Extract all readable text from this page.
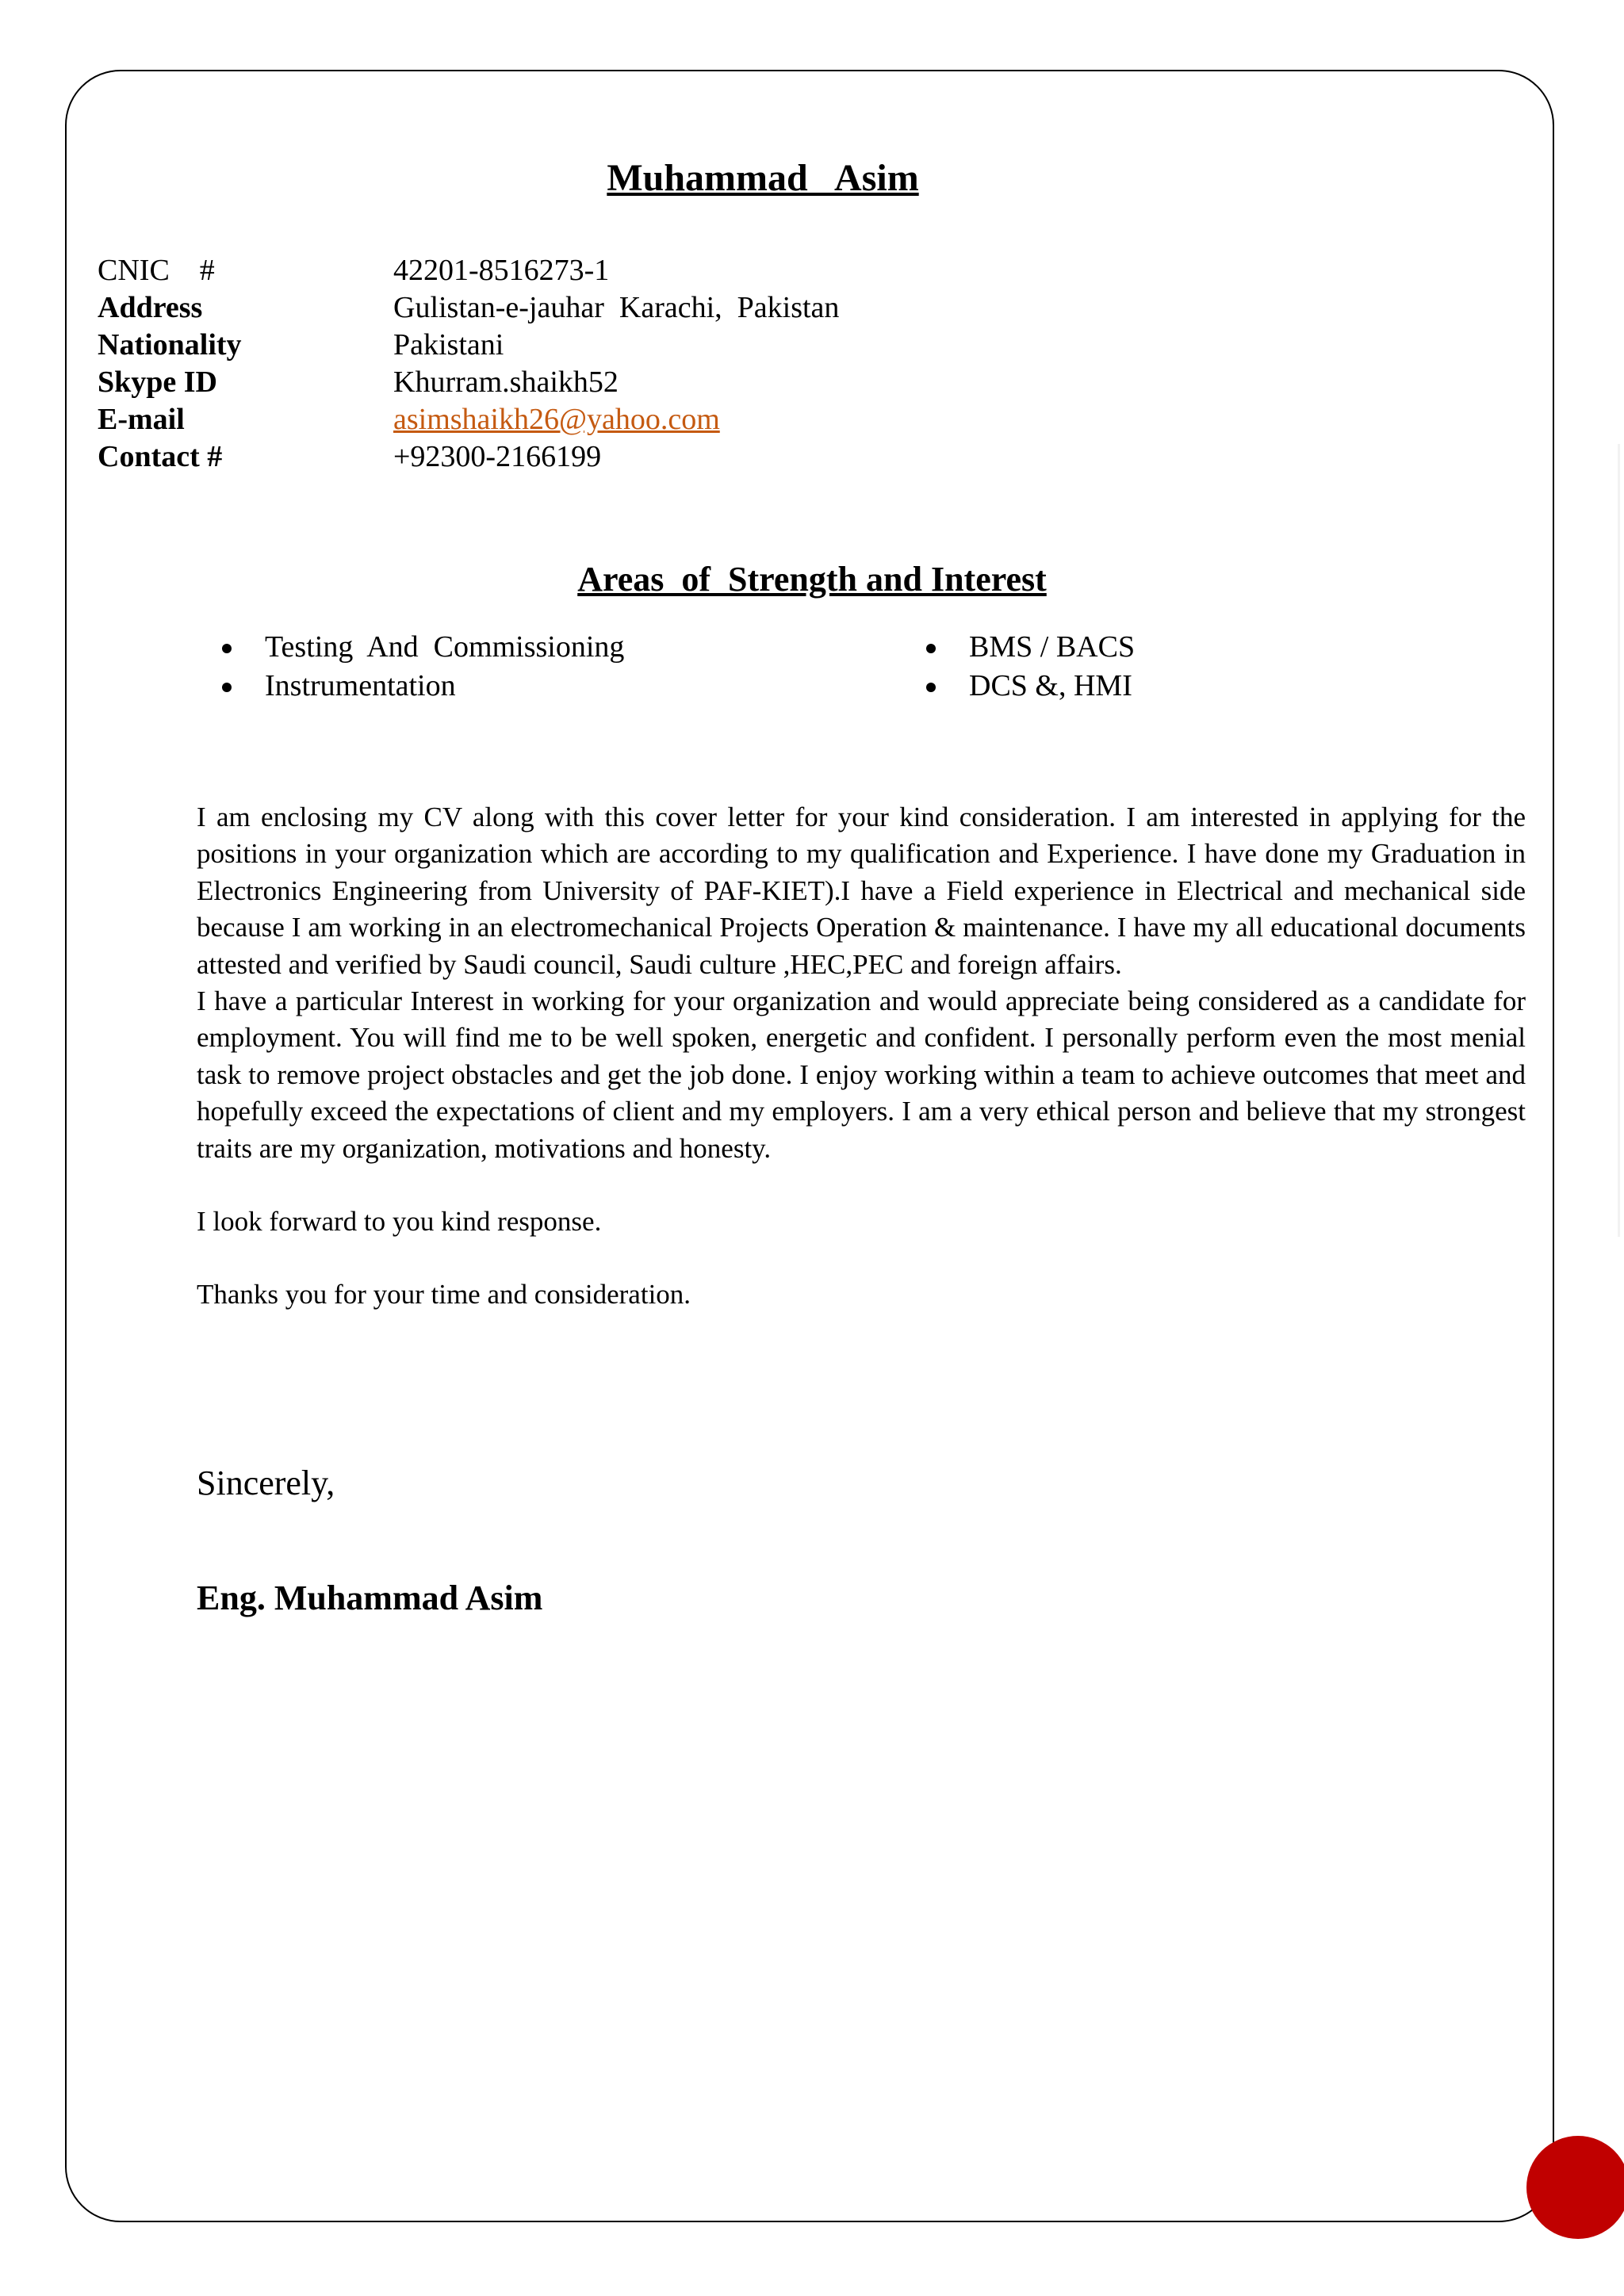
Muhammad   Asim
CNIC    #	42201-8516273-1
Address	Gulistan-e-jauhar  Karachi,  Pakistan
Nationality	Pakistani
Skype ID	Khurram.shaikh52
E-mail	asimshaikh26@yahoo.com
Contact #	+92300-2166199
Areas  of  Strength and Interest
Testing  And  Commissioning
Instrumentation
BMS / BACS
DCS &, HMI

I am enclosing my CV along with this cover letter for your kind consideration. I am interested in applying for the positions in your organization which are according to my qualification and Experience. I have done my Graduation in Electronics Engineering from University of PAF-KIET).I have a Field experience in Electrical and mechanical side because I am working in an electromechanical Projects Operation & maintenance. I have my all educational documents attested and verified by Saudi council, Saudi culture ,HEC,PEC and foreign affairs.

I have a particular Interest in working for your organization and would appreciate being considered as a candidate for employment. You will find me to be well spoken, energetic and confident. I personally perform even the most menial task to remove project obstacles and get the job done. I enjoy working within a team to achieve outcomes that meet and hopefully exceed the expectations of client and my employers. I am a very ethical person and believe that my strongest traits are my organization, motivations and honesty.

I look forward to you kind response.

Thanks you for your time and consideration.

Sincerely,

Eng. Muhammad Asim
